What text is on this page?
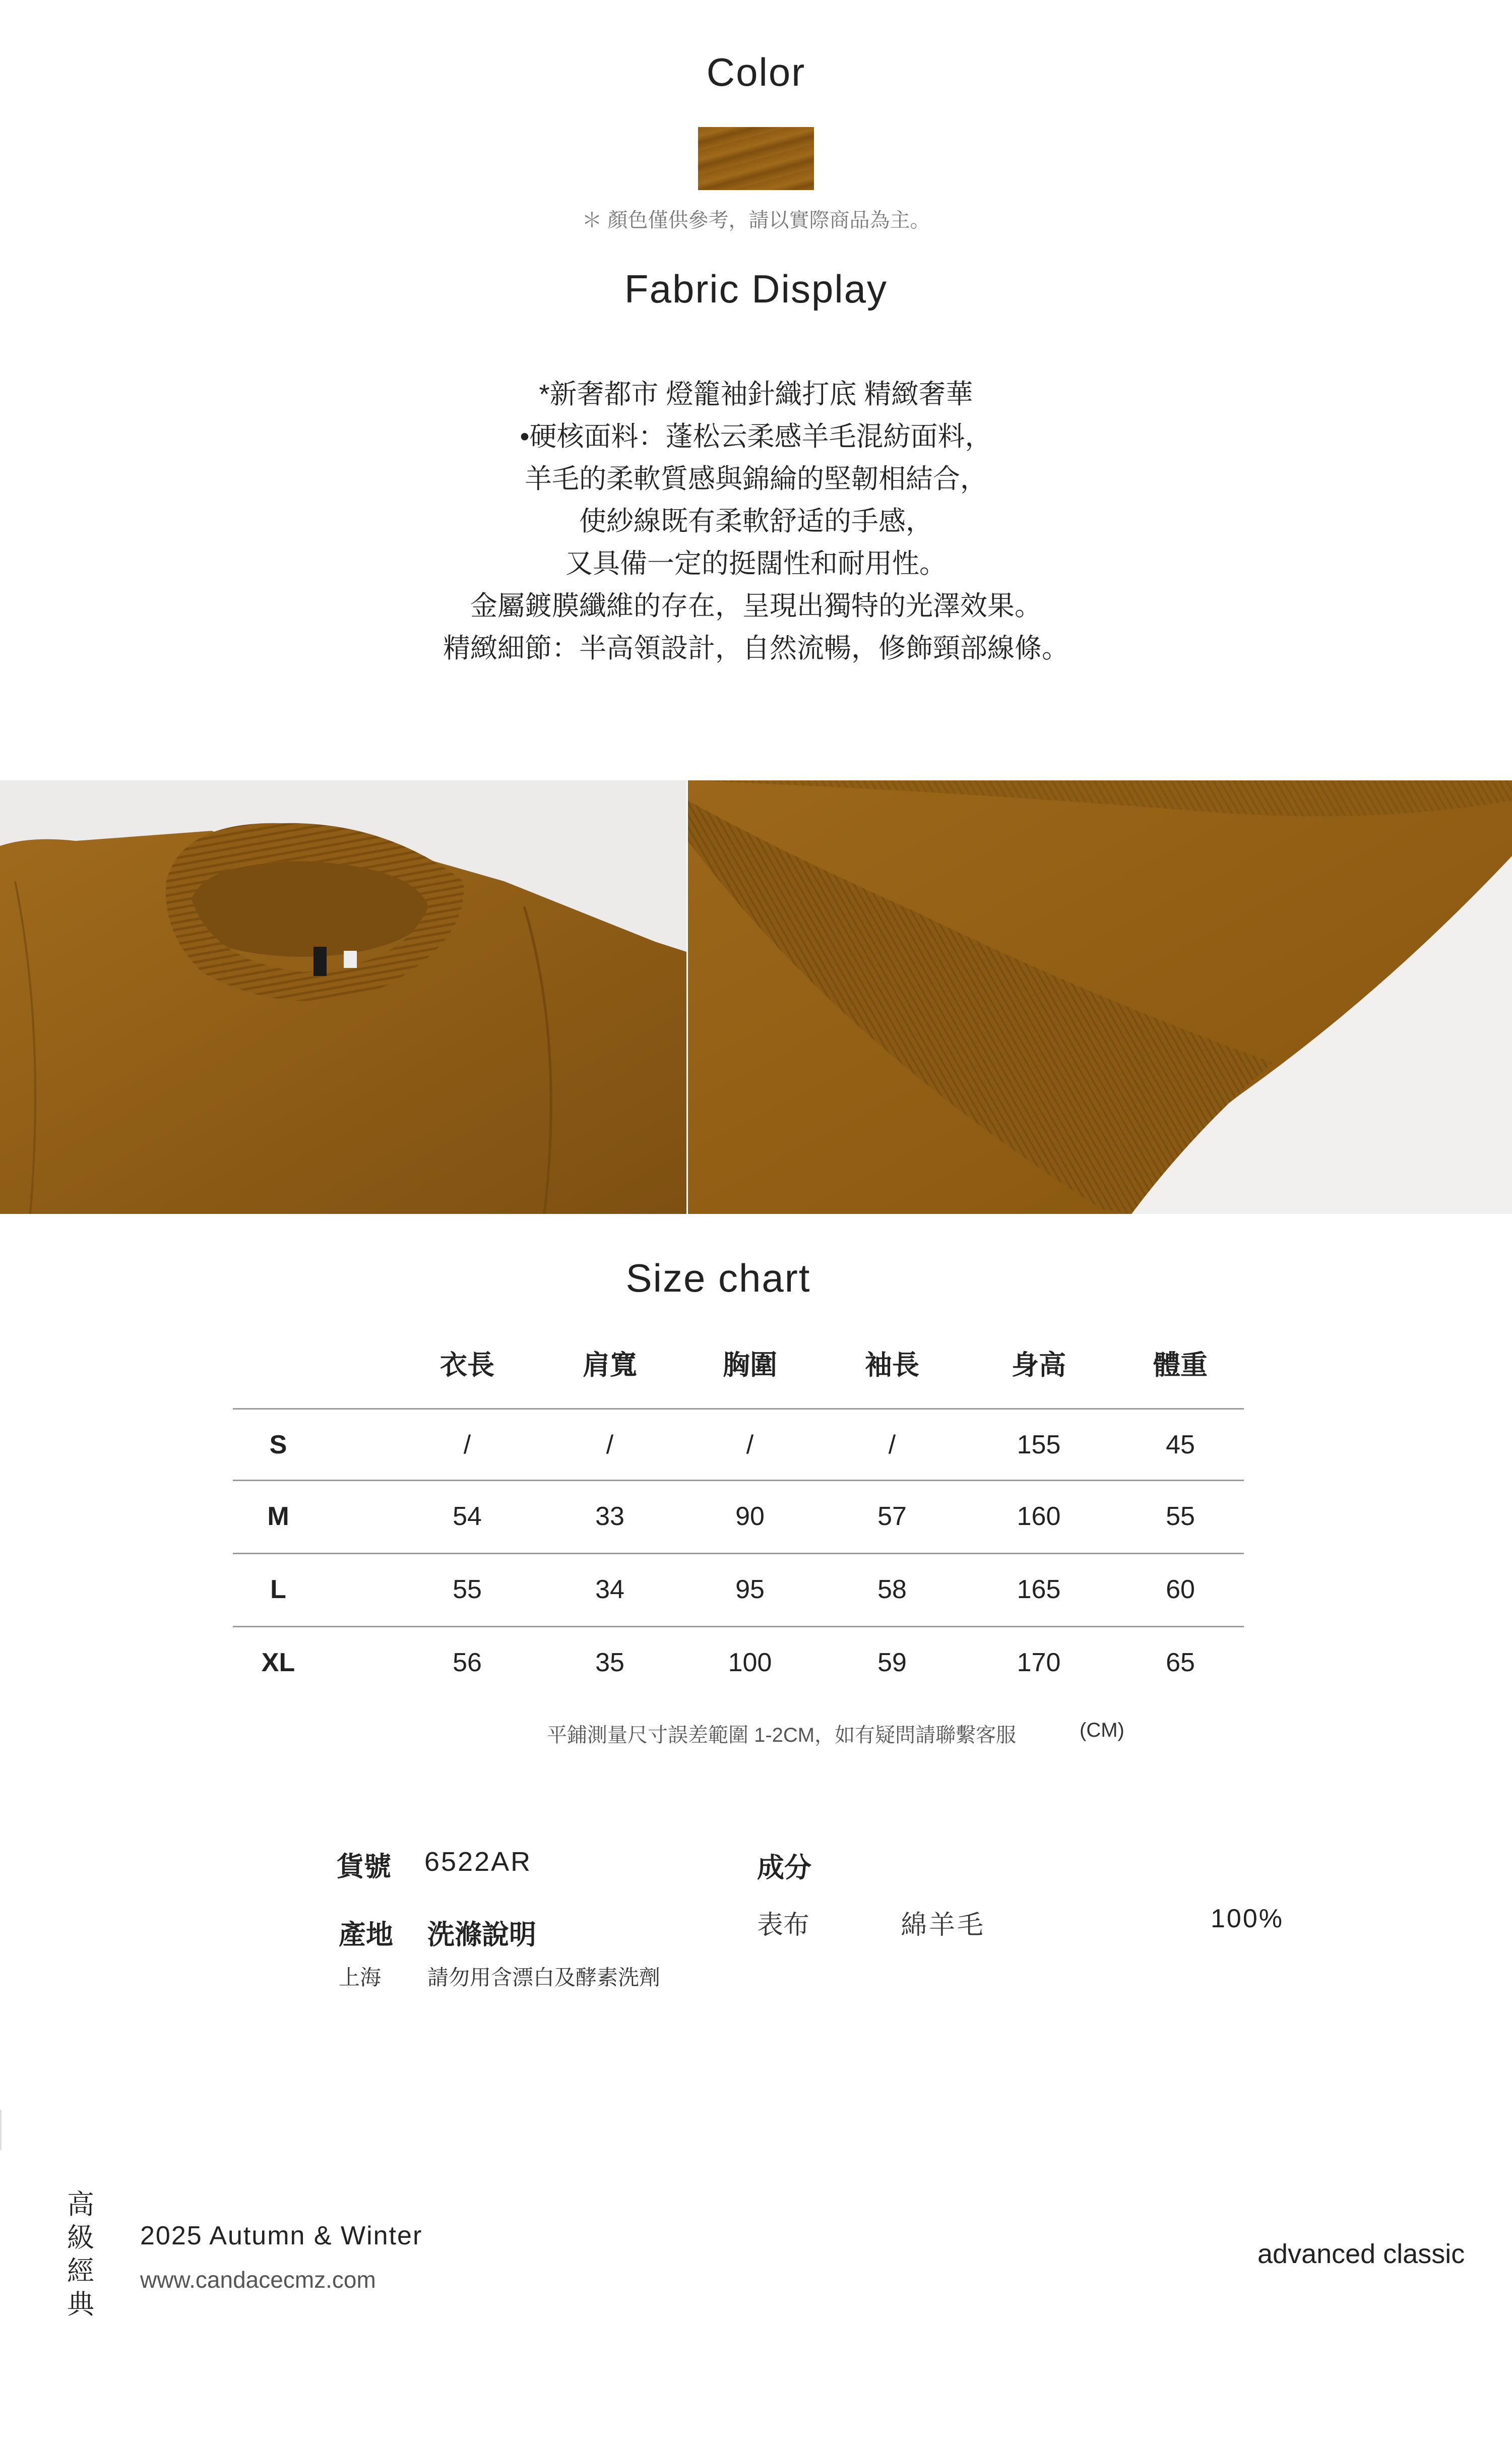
Color
＊ 顏色僅供參考，請以實際商品為主。
Fabric Display
*新奢都市 燈籠袖針織打底 精緻奢華
•硬核面料：蓬松云柔感羊毛混紡面料，
羊毛的柔軟質感與錦綸的堅韌相結合，
使紗線既有柔軟舒适的手感，
又具備一定的挺闊性和耐用性。
金屬鍍膜纖維的存在，呈現出獨特的光澤效果。
精緻細節：半高領設計，自然流暢，修飾頸部線條。
Size chart
衣長	肩寬	胸圍	袖長	身高	體重
S	/	/	/	/	155	45
M	54	33	90	57	160	55
L	55	34	95	58	165	60
XL	56	35	100	59	170	65
平鋪測量尺寸誤差範圍 1-2CM，如有疑問請聯繫客服	(CM)
貨號 6522AR
產地 洗滌說明
上海 請勿用含漂白及酵素洗劑
成分
表布	綿羊毛	100%
高
級
經
典
2025 Autumn & Winter
www.candacecmz.com
advanced classic
